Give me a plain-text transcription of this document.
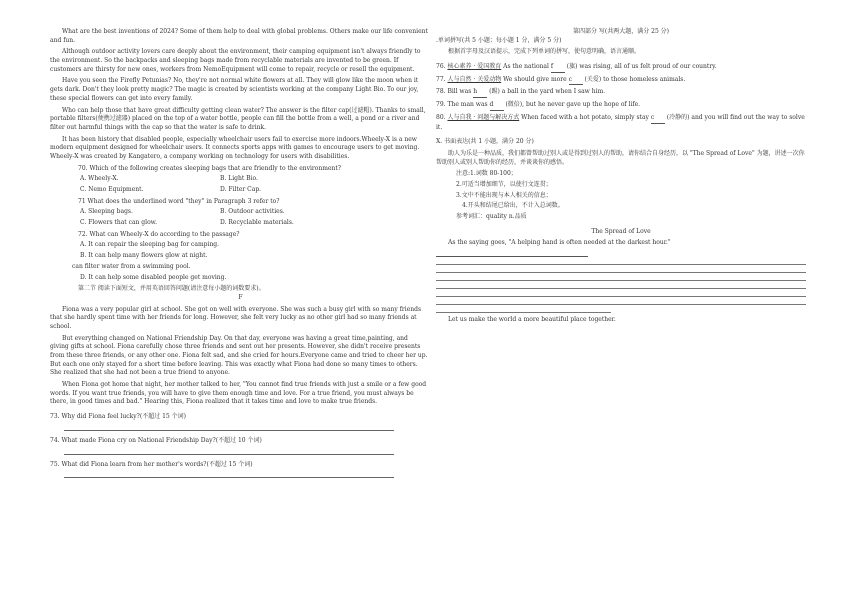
What are the best inventions of 2024? Some of them help to deal with global problems. Others make our life convenient and fun.

Although outdoor activity lovers care deeply about the environment, their camping equipment isn't always friendly to the environment. So the backpacks and sleeping bags made from recyclable materials are invented to be green. If customers are thirsty for new ones, workers from NemoEquipment will come to repair, recycle or resell the equipment.

Have you seen the Firefly Petunias? No, they're not normal white flowers at all. They will glow like the moon when it gets dark. Don't they look pretty magic? The magic is created by scientists working at the company Light Bio. To our joy, these special flowers can get into every family.

Who can help those that have great difficulty getting clean water? The answer is the filter cap(过滤帽). Thanks to small, portable filters(便携过滤器) placed on the top of a water bottle, people can fill the bottle from a well, a pond or a river and filter out harmful things with the cap so that the water is safe to drink.

It has been history that disabled people, especially wheelchair users fail to exercise more indoors.Wheely-X is a new modern equipment designed for wheelchair users. It connects sports apps with games to encourage users to get moving. Wheely-X was created by Kangatero, a company working on technology for users with disabilities.

70. Which of the following creates sleeping bags that are friendly to the environment?

A. Wheely-X.	B. Light Bio.
C. Nemo Equipment.	D. Filter Cap.

71 What does the underlined word "they" in Paragraph 3 refer to?

A. Sleeping bags.	B. Outdoor activities.
C. Flowers that can glow.	D. Recyclable materials.

72. What can Wheely-X do according to the passage?

A. It can repair the sleeping bag for camping.

B. It can help many flowers glow at night.

can filter water from a swimming pool.

D. It can help some disabled people get moving.

第二节 阅读下面短文，并用英语回答问题(请注意每小题的词数要求)。

F

Fiona was a very popular girl at school. She got on well with everyone. She was such a busy girl with so many friends that she hardly spent time with her friends for long. However, she felt very lucky as no other girl had so many friends at school.

But everything changed on National Friendship Day. On that day, everyone was having a great time,painting, and giving gifts at school. Fiona carefully chose three friends and sent out her presents. However, she didn't receive presents from these three friends, or any other one. Fiona felt sad, and she cried for hours.Everyone came and tried to cheer her up. But each one only stayed for a short time before leaving. This was exactly what Fiona had done so many times to others. She realized that she had not been a true friend to anyone.

When Fiona got home that night, her mother talked to her, "You cannot find true friends with just a smile or a few good words. If you want true friends, you will have to give them enough time and love. For a true friend, you must always be there, in good times and bad." Hearing this, Fiona realized that it takes time and love to make true friends.

73. Why did Fiona feel lucky?(不超过 15 个词)

74. What made Fiona cry on National Friendship Day?(不超过 10 个词)

75. What did Fiona learn from her mother's words?(不超过 15 个词)

第四部分 写(共两大题，满分 25 分)

.单词拼写(共 5 小题；每小题 1 分，满分 5 分)

根据首字母及汉语提示，完成下列单词的拼写，使句意明确，语言通顺。

76. 核心素养 · 爱国教育 As the national f (旗) was rising, all of us felt proud of our country.

77. 人与自然 · 关爱动物 We should give more c (关爱) to those homeless animals.

78. Bill was h (踢) a ball in the yard when I saw him.

79. The man was d (微倍), but he never gave up the hope of life.

80. 人与自我 · 问题与解决方式 When faced with a hot potato, simply stay c (冷静的) and you will find out the way to solve it.

X. 书面表达(共 1 小题，满分 20 分)

助人为乐是一种品质，我们都曾帮助过别人或是得到过别人的帮助，请你结合自身经历，以 "The Spread of Love" 为题，讲述一次你帮助别人或别人帮助你的经历，并谈谈你的感悟。

注意:1.词数 80-100；

2.可适当增加细节，以使行文连贯；

3.文中不能出现与本人相关的信息；

4.开头和结尾已给出，不计入总词数。

参考词汇：quality n.品质

The Spread of Love

As the saying goes, "A helping hand is often needed at the darkest hour."

Let us make the world a more beautiful place together.
